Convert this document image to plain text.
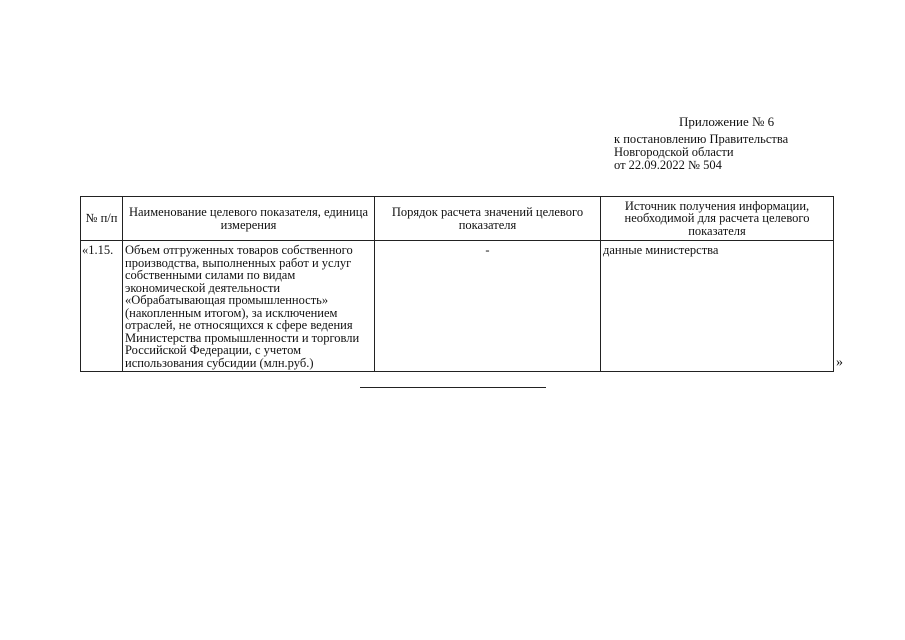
Приложение № 6
к постановлению Правительства
Новгородской области
от 22.09.2022 № 504
№ п/п	Наименование целевого показателя, единица измерения	Порядок расчета значений целевого показателя	Источник получения информации, необходимой для расчета целевого показателя
«1.15.	Объем отгруженных товаров собственного производства, выполненных работ и услуг собственными силами по видам экономической деятельности «Обрабатывающая промышленность» (накопленным итогом), за исключением отраслей, не относящихся к сфере ведения Министерства промышленности и торговли Российской Федерации, с учетом использования субсидии (млн.руб.)	-	данные министерства
»
